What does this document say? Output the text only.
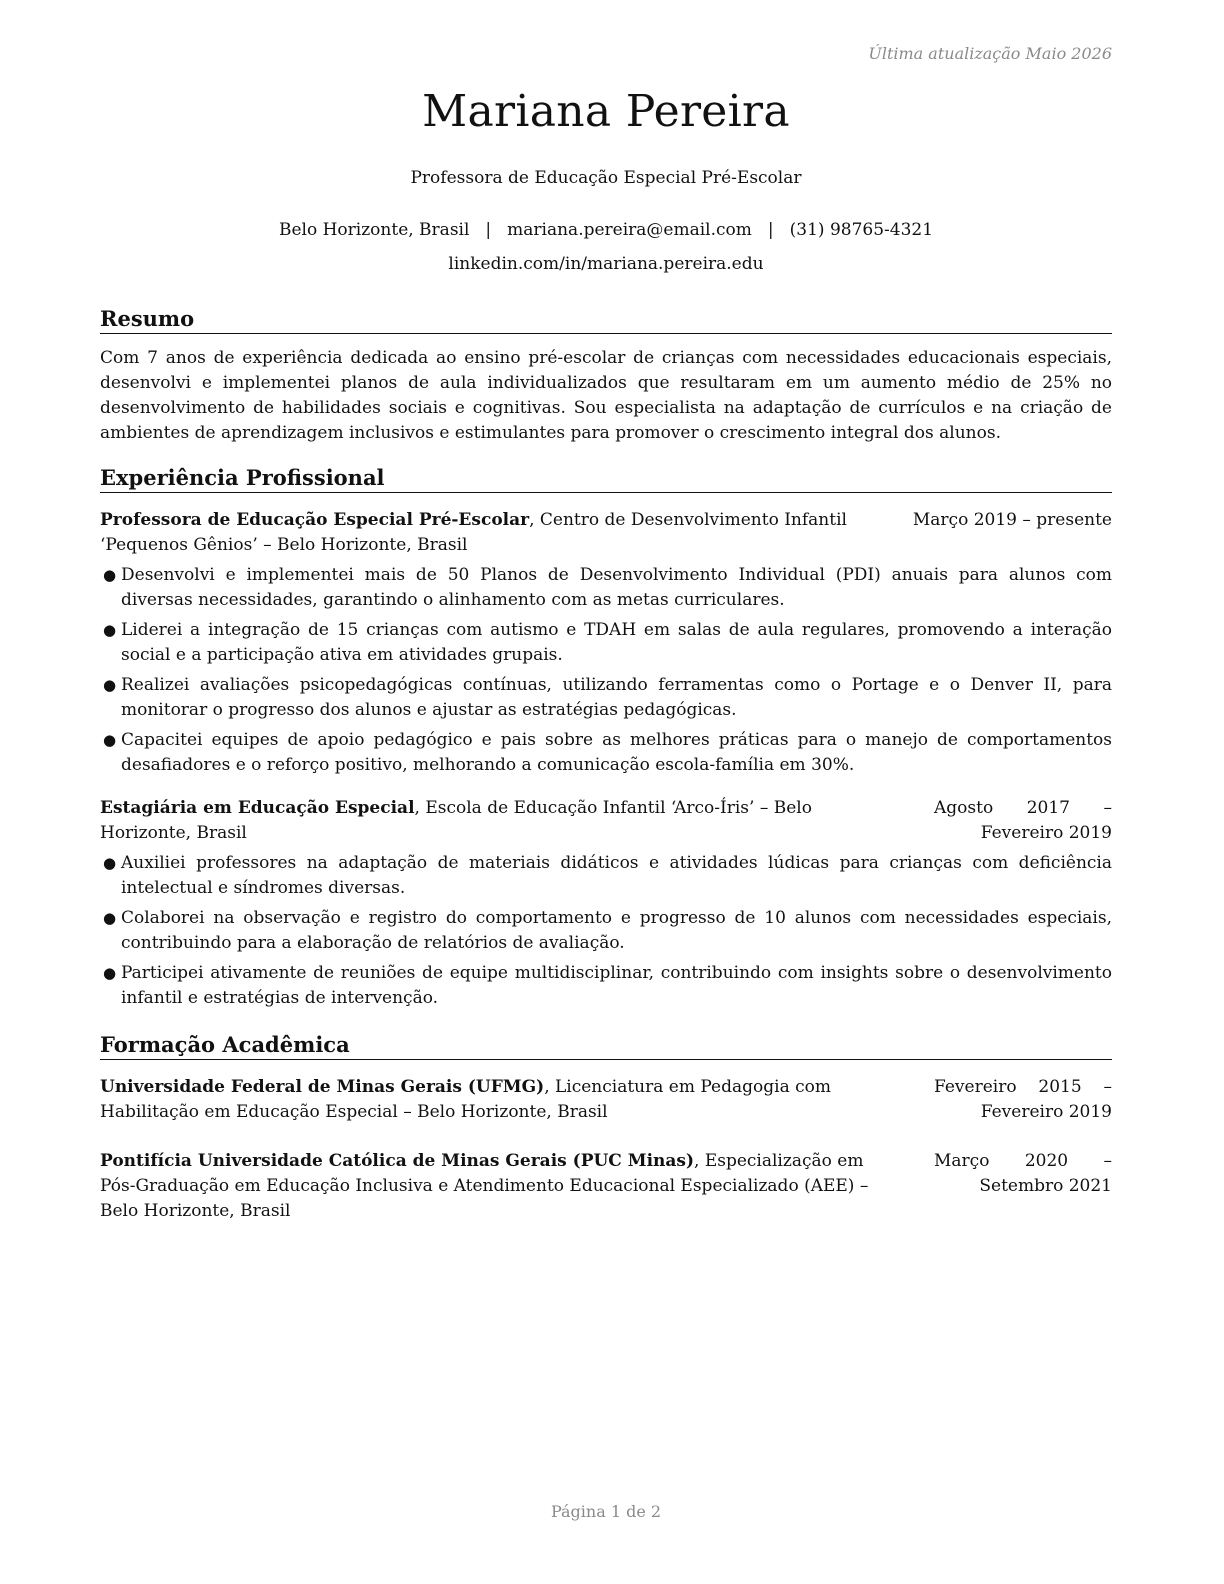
Última atualização Maio 2026
Mariana Pereira
Professora de Educação Especial Pré-Escolar
Belo Horizonte, Brasil | mariana.pereira@email.com | (31) 98765-4321
linkedin.com/in/mariana.pereira.edu
Resumo

Com 7 anos de experiência dedicada ao ensino pré-escolar de crianças com necessidades educacionais especiais, desenvolvi e implementei planos de aula individualizados que resultaram em um aumento médio de 25% no desenvolvimento de habilidades sociais e cognitivas. Sou especialista na adaptação de currículos e na criação de ambientes de aprendizagem inclusivos e estimulantes para promover o crescimento integral dos alunos.

Experiência Profissional
Professora de Educação Especial Pré-Escolar, Centro de Desenvolvimento Infantil ‘Pequenos Gênios’ – Belo Horizonte, Brasil
Março 2019 – presente
● Desenvolvi e implementei mais de 50 Planos de Desenvolvimento Individual (PDI) anuais para alunos com diversas necessidades, garantindo o alinhamento com as metas curriculares.
● Liderei a integração de 15 crianças com autismo e TDAH em salas de aula regulares, promovendo a interação social e a participação ativa em atividades grupais.
● Realizei avaliações psicopedagógicas contínuas, utilizando ferramentas como o Portage e o Denver II, para monitorar o progresso dos alunos e ajustar as estratégias pedagógicas.
● Capacitei equipes de apoio pedagógico e pais sobre as melhores práticas para o manejo de comportamentos desafiadores e o reforço positivo, melhorando a comunicação escola-família em 30%.
Estagiária em Educação Especial, Escola de Educação Infantil ‘Arco-Íris’ – Belo Horizonte, Brasil
Agosto 2017 – Fevereiro 2019
● Auxiliei professores na adaptação de materiais didáticos e atividades lúdicas para crianças com deficiência intelectual e síndromes diversas.
● Colaborei na observação e registro do comportamento e progresso de 10 alunos com necessidades especiais, contribuindo para a elaboração de relatórios de avaliação.
● Participei ativamente de reuniões de equipe multidisciplinar, contribuindo com insights sobre o desenvolvimento infantil e estratégias de intervenção.
Formação Acadêmica
Universidade Federal de Minas Gerais (UFMG), Licenciatura em Pedagogia com Habilitação em Educação Especial – Belo Horizonte, Brasil
Fevereiro 2015 – Fevereiro 2019
Pontifícia Universidade Católica de Minas Gerais (PUC Minas), Especialização em Pós-Graduação em Educação Inclusiva e Atendimento Educacional Especializado (AEE) – Belo Horizonte, Brasil
Março 2020 – Setembro 2021
Página 1 de 2
